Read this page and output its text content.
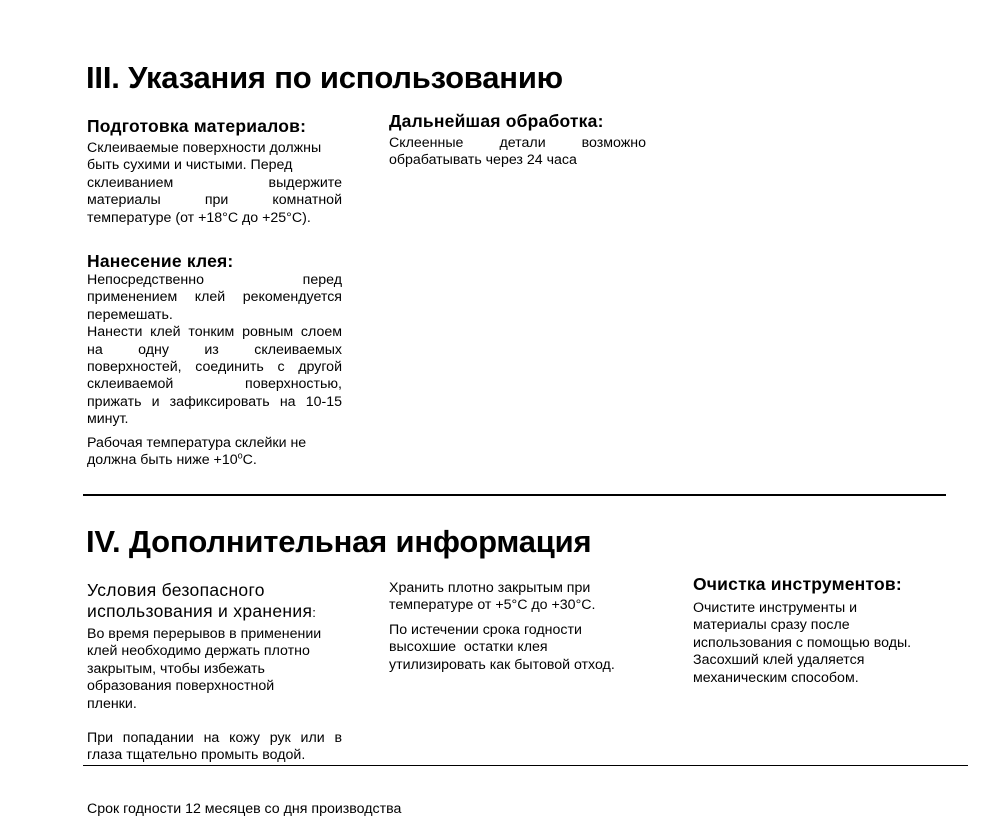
III. Указания по использованию
Подготовка материалов:
Склеиваемые поверхности должны
быть сухими и чистыми. Перед
склеиванием выдержите
материалы при комнатной
температуре (от +18°С до +25°С).
Нанесение клея:
Непосредственно перед
применением клей рекомендуется
перемешать.
Нанести клей тонким ровным слоем
на одну из склеиваемых
поверхностей, соединить с другой
склеиваемой поверхностью,
прижать и зафиксировать на 10-15
минут.
Рабочая температура склейки не
должна быть ниже $+10^oС$.
Дальнейшая обработка:
Склеенные детали возможно
обрабатывать через 24 часа
IV. Дополнительная информация
Условия безопасного
использования и хранения:
Во время перерывов в применении
клей необходимо держать плотно
закрытым, чтобы избежать
образования поверхностной
пленки.
При попадании на кожу рук или в
глаза тщательно промыть водой.
Хранить плотно закрытым при
температуре от +5°С до +30°С.
По истечении срока годности
высохшие  остатки клея
утилизировать как бытовой отход.
Очистка инструментов:
Очистите инструменты и
материалы сразу после
использования с помощью воды.
Засохший клей удаляется
механическим способом.
Срок годности 12 месяцев со дня производства
